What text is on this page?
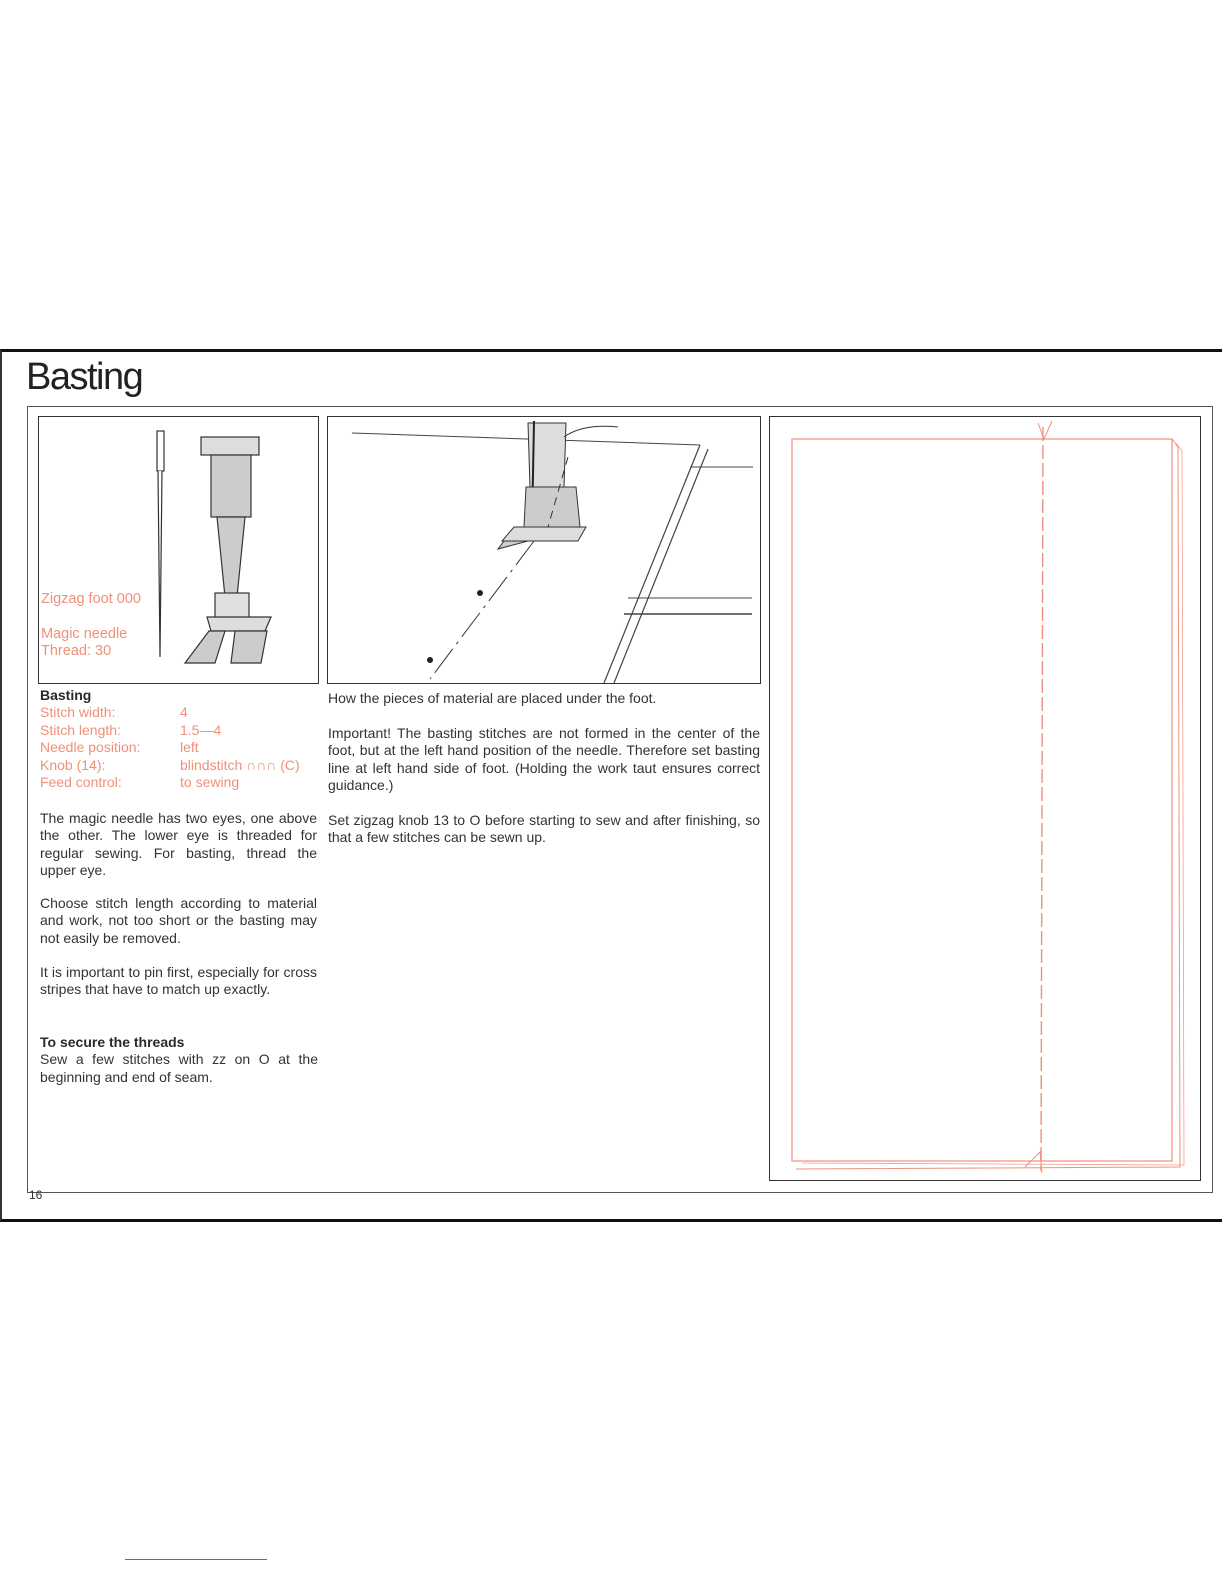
Basting
Zigzag foot 000
Magic needle
Thread: 30
Basting
Stitch width:	4
Stitch length:	1.5—4
Needle position:	left
Knob (14):	blindstitch ∩∩∩ (C)
Feed control:	to sewing
The magic needle has two eyes, one above the other. The lower eye is threaded for regular sewing. For basting, thread the upper eye.
Choose stitch length according to material and work, not too short or the basting may not easily be removed.
It is important to pin first, especially for cross stripes that have to match up exactly.
To secure the threads
Sew a few stitches with zz on O at the beginning and end of seam.
How the pieces of material are placed under the foot.
Important! The basting stitches are not formed in the center of the foot, but at the left hand position of the needle. Therefore set basting line at left hand side of foot. (Holding the work taut ensures correct guidance.)
Set zigzag knob 13 to O before starting to sew and after finishing, so that a few stitches can be sewn up.
16
